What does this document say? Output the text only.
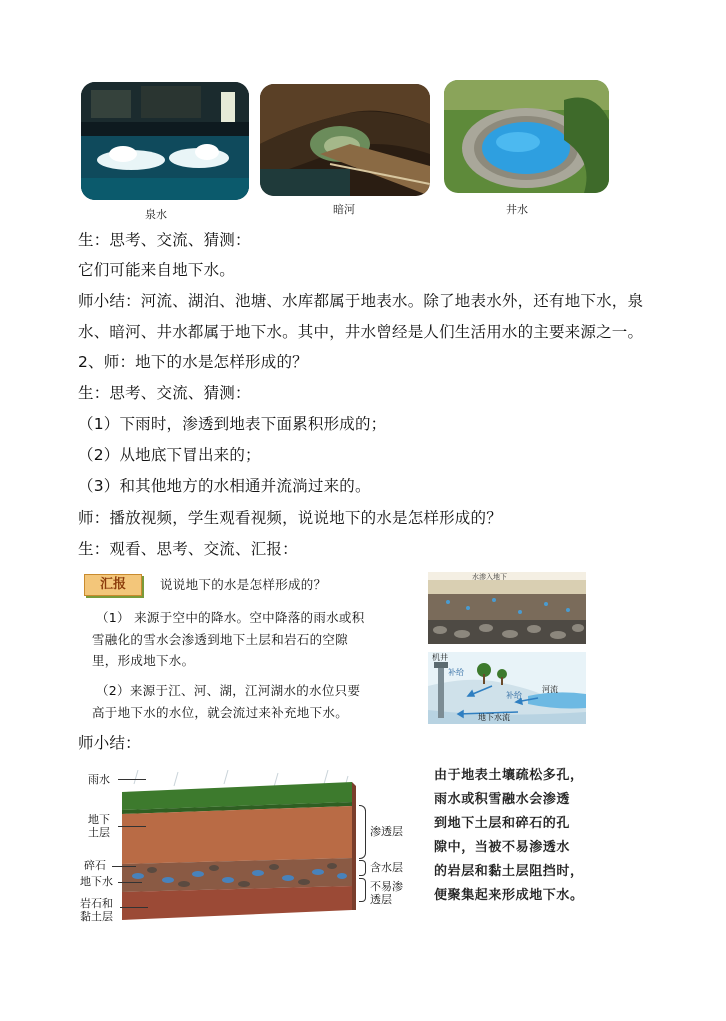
泉水	暗河	井水
生：思考、交流、猜测：
它们可能来自地下水。
师小结：河流、湖泊、池塘、水库都属于地表水。除了地表水外，还有地下水，泉
水、暗河、井水都属于地下水。其中，井水曾经是人们生活用水的主要来源之一。
2、师：地下的水是怎样形成的？
生：思考、交流、猜测：
（1）下雨时，渗透到地表下面累积形成的；
（2）从地底下冒出来的；
（3）和其他地方的水相通并流淌过来的。
师：播放视频，学生观看视频，说说地下的水是怎样形成的？
生：观看、思考、交流、汇报：
汇报	说说地下的水是怎样形成的？
（1） 来源于空中的降水。空中降落的雨水或积
雪融化的雪水会渗透到地下土层和岩石的空隙
里，形成地下水。
（2）来源于江、河、湖，江河湖水的水位只要
高于地下水的水位，就会流过来补充地下水。
水渗入地下
机井
补给
补给
河流
地下水流
师小结：
雨水
地下
土层
碎石
地下水
岩石和
黏土层
渗透层
含水层
不易渗
透层
由于地表土壤疏松多孔，
雨水或积雪融水会渗透
到地下土层和碎石的孔
隙中，当被不易渗透水
的岩层和黏土层阻挡时，
便聚集起来形成地下水。
